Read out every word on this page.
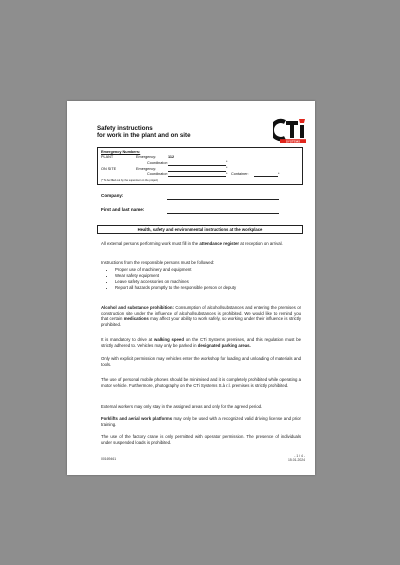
Safety instructions
for work in the plant and on site
SYSTEMS
Emergency Numbers:
PLANT	Emergency:	112
Coordinator:	*
ON SITE	Emergency:	*
Coordinator:	* Container:	*
(* To be filled out by the supervisor on the project)
Company:
First and last name:
Health, safety and environmental instructions at the workplace
All external persons performing work must fill in the attendance register at reception on arrival.
Instructions from the responsible persons must be followed:
• Proper use of machinery and equipment
• Wear safety equipment
• Leave safety accessories on machines
• Report all hazards promptly to the responsible person or deputy
Alcohol and substance prohibition: Consumption of alcohol/substances and entering the premises or construction site under the influence of alcohol/substances is prohibited. We would like to remind you that certain medications may affect your ability to work safely, so working under their influence is strictly prohibited.
It is mandatory to drive at walking speed on the CTi Systems premises, and this regulation must be strictly adhered to. Vehicles may only be parked in designated parking areas.
Only with explicit permission may vehicles enter the workshop for loading and unloading of materials and tools.
The use of personal mobile phones should be minimised and it is completely prohibited while operating a motor vehicle. Furthermore, photography on the CTi Systems S.à r.l. premises is strictly prohibited.
External workers may only stay in the assigned areas and only for the agreed period.
Forklifts and aerial work platforms may only be used with a recognized valid driving license and prior training.
The use of the factory crane is only permitted with operator permission. The presence of individuals under suspended loads is prohibited.
00169461
- 1 / 4 -
15.01.2024
